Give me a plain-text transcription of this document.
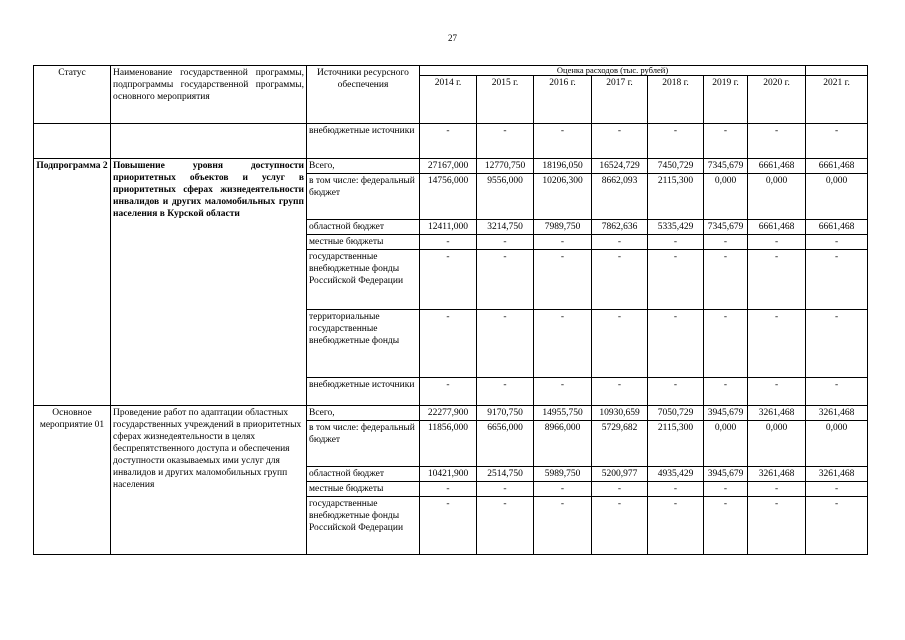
27
Статус	Наименование государственной программы, подпрограммы государственной программы, основного мероприятия	Источники ресурсного обеспечения	Оценка расходов (тыс. рублей)							
			2014 г.	2015 г.	2016 г.	2017 г.	2018 г.	2019 г.	2020 г.	2021 г.
		внебюджетные источники	-	-	-	-	-	-	-	-
Подпрограмма 2	Повышение уровня доступности приоритетных объектов и услуг в приоритетных сферах жизнедеятельности инвалидов и других маломобильных групп населения в Курской области	Всего,	27167,000	12770,750	18196,050	16524,729	7450,729	7345,679	6661,468	6661,468
		в том числе: федеральный бюджет	14756,000	9556,000	10206,300	8662,093	2115,300	0,000	0,000	0,000
		областной бюджет	12411,000	3214,750	7989,750	7862,636	5335,429	7345,679	6661,468	6661,468
		местные бюджеты	-	-	-	-	-	-	-	-
		государственные внебюджетные фонды Российской Федерации	-	-	-	-	-	-	-	-
		территориальные государственные внебюджетные фонды	-	-	-	-	-	-	-	-
		внебюджетные источники	-	-	-	-	-	-	-	-
Основное мероприятие 01	Проведение работ по адаптации областных государственных учреждений в приоритетных сферах жизнедеятельности в целях беспрепятственного доступа и обеспечения доступности оказываемых ими услуг для инвалидов и других маломобильных групп населения	Всего,	22277,900	9170,750	14955,750	10930,659	7050,729	3945,679	3261,468	3261,468
		в том числе: федеральный бюджет	11856,000	6656,000	8966,000	5729,682	2115,300	0,000	0,000	0,000
		областной бюджет	10421,900	2514,750	5989,750	5200,977	4935,429	3945,679	3261,468	3261,468
		местные бюджеты	-	-	-	-	-	-	-	-
		государственные внебюджетные фонды Российской Федерации	-	-	-	-	-	-	-	-
